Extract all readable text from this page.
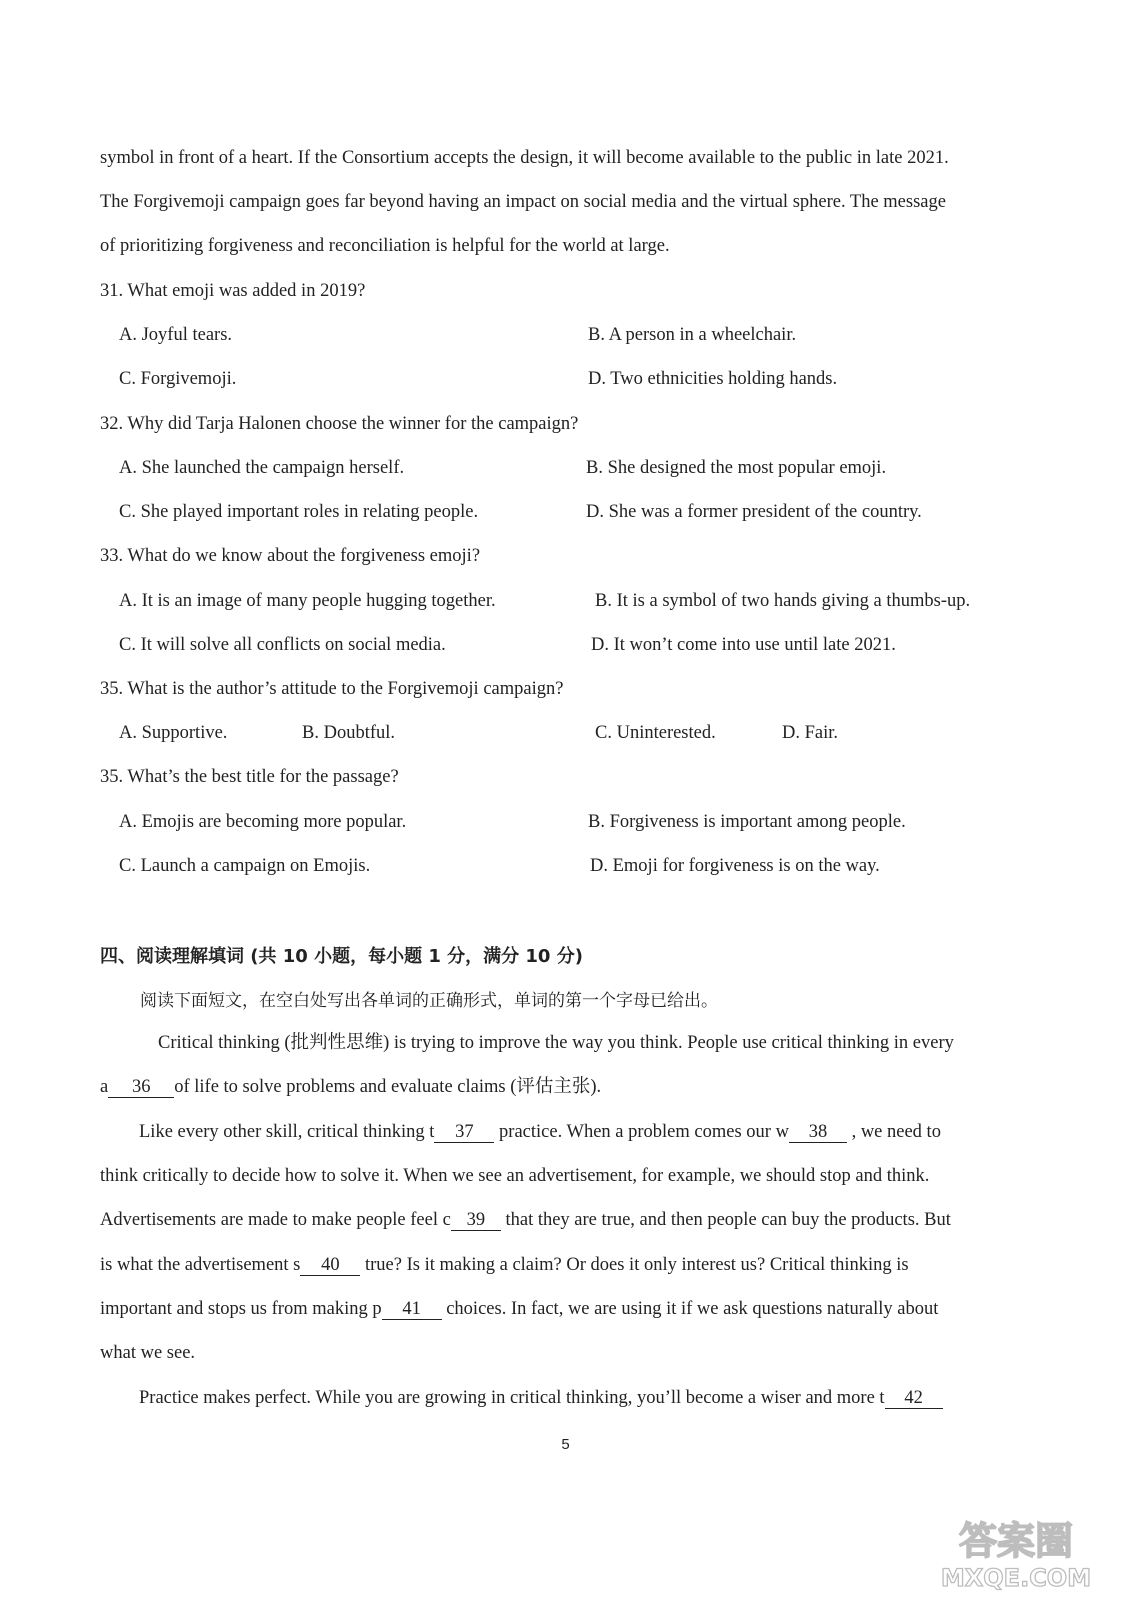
symbol in front of a heart. If the Consortium accepts the design, it will become available to the public in late 2021.
The Forgivemoji campaign goes far beyond having an impact on social media and the virtual sphere. The message
of prioritizing forgiveness and reconciliation is helpful for the world at large.
31. What emoji was added in 2019?
A. Joyful tears.	B. A person in a wheelchair.
C. Forgivemoji.	D. Two ethnicities holding hands.
32. Why did Tarja Halonen choose the winner for the campaign?
A. She launched the campaign herself.	B. She designed the most popular emoji.
C. She played important roles in relating people.	D. She was a former president of the country.
33. What do we know about the forgiveness emoji?
A. It is an image of many people hugging together.	B. It is a symbol of two hands giving a thumbs-up.
C. It will solve all conflicts on social media.	D. It won’t come into use until late 2021.
35. What is the author’s attitude to the Forgivemoji campaign?
A. Supportive.	B. Doubtful.	C. Uninterested.	D. Fair.
35. What’s the best title for the passage?
A. Emojis are becoming more popular.	B. Forgiveness is important among people.
C. Launch a campaign on Emojis.	D. Emoji for forgiveness is on the way.
四、阅读理解填词 (共 10 小题，每小题 1 分，满分 10 分)
阅读下面短文，在空白处写出各单词的正确形式，单词的第一个字母已给出。
Critical thinking (批判性思维) is trying to improve the way you think. People use critical thinking in every
a 36 of life to solve problems and evaluate claims (评估主张).
Like every other skill, critical thinking t 37 practice. When a problem comes our w 38 , we need to
think critically to decide how to solve it. When we see an advertisement, for example, we should stop and think.
Advertisements are made to make people feel c 39 that they are true, and then people can buy the products. But
is what the advertisement s 40 true? Is it making a claim? Or does it only interest us? Critical thinking is
important and stops us from making p 41 choices. In fact, we are using it if we ask questions naturally about
what we see.
Practice makes perfect. While you are growing in critical thinking, you’ll become a wiser and more t 42
5
答案圈
MXQE.COM
